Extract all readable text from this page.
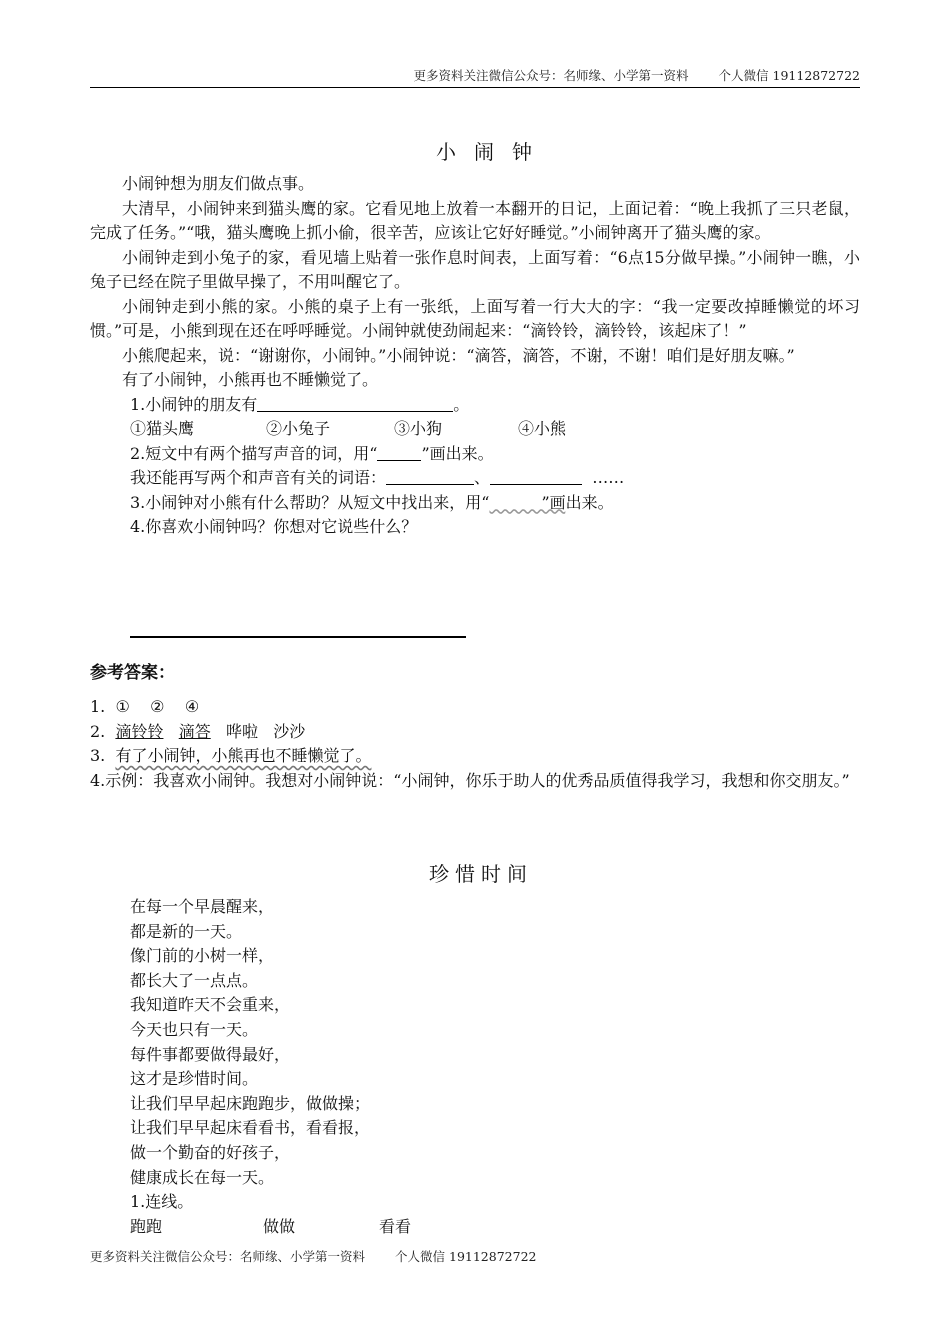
更多资料关注微信公众号：名师缘、小学第一资料 个人微信 19112872722
小闹钟

小闹钟想为朋友们做点事。

大清早，小闹钟来到猫头鹰的家。它看见地上放着一本翻开的日记，上面记着：“晚上我抓了三只老鼠，完成了任务。”“哦，猫头鹰晚上抓小偷，很辛苦，应该让它好好睡觉。”小闹钟离开了猫头鹰的家。

小闹钟走到小兔子的家，看见墙上贴着一张作息时间表，上面写着：“6点15分做早操。”小闹钟一瞧，小兔子已经在院子里做早操了，不用叫醒它了。

小闹钟走到小熊的家。小熊的桌子上有一张纸，上面写着一行大大的字：“我一定要改掉睡懒觉的坏习惯。”可是，小熊到现在还在呼呼睡觉。小闹钟就使劲闹起来：“滴铃铃，滴铃铃，该起床了！”

小熊爬起来，说：“谢谢你，小闹钟。”小闹钟说：“滴答，滴答，不谢，不谢！咱们是好朋友嘛。”

有了小闹钟，小熊再也不睡懒觉了。

1.小闹钟的朋友有	。

①猫头鹰	②小兔子	③小狗	④小熊

2.短文中有两个描写声音的词，用“	”画出来。

我还能再写两个和声音有关的词语：	、	……

3.小闹钟对小熊有什么帮助？从短文中找出来，用“	”画出来。

4.你喜欢小闹钟吗？你想对它说些什么？

参考答案：
1. ① ② ④
2. 滴铃铃 滴答 哗啦 沙沙
3. 有了小闹钟，小熊再也不睡懒觉了。
4.示例：我喜欢小闹钟。我想对小闹钟说：“小闹钟，你乐于助人的优秀品质值得我学习，我想和你交朋友。”
珍惜时间
在每一个早晨醒来，
都是新的一天。
像门前的小树一样，
都长大了一点点。
我知道昨天不会重来，
今天也只有一天。
每件事都要做得最好，
这才是珍惜时间。
让我们早早起床跑跑步，做做操；
让我们早早起床看看书，看看报，
做一个勤奋的好孩子，
健康成长在每一天。
1.连线。
跑跑	做做	看看
更多资料关注微信公众号：名师缘、小学第一资料 个人微信 19112872722
